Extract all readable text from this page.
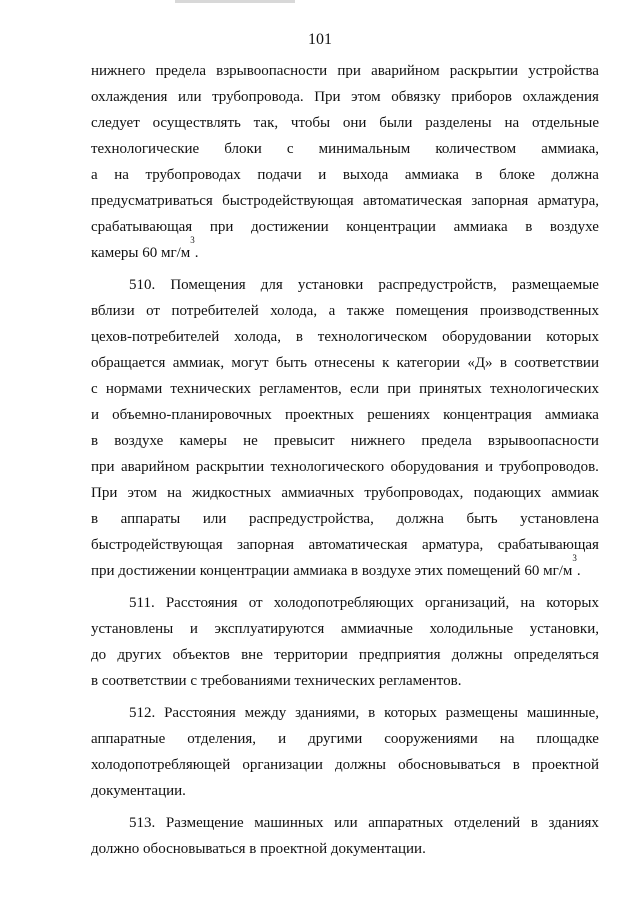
101
нижнего предела взрывоопасности при аварийном раскрытии устройства
охлаждения или трубопровода. При этом обвязку приборов охлаждения
следует осуществлять так, чтобы они были разделены на отдельные
технологические блоки с минимальным количеством аммиака,
а на трубопроводах подачи и выхода аммиака в блоке должна
предусматриваться быстродействующая автоматическая запорная арматура,
срабатывающая при достижении концентрации аммиака в воздухе
камеры 60 мг/м
3
.
510. Помещения для установки распредустройств, размещаемые
вблизи от потребителей холода, а также помещения производственных
цехов-потребителей холода, в технологическом оборудовании которых
обращается аммиак, могут быть отнесены к категории «Д» в соответствии
с нормами технических регламентов, если при принятых технологических
и объемно-планировочных проектных решениях концентрация аммиака
в воздухе камеры не превысит нижнего предела взрывоопасности
при аварийном раскрытии технологического оборудования и трубопроводов.
При этом на жидкостных аммиачных трубопроводах, подающих аммиак
в аппараты или распредустройства, должна быть установлена
быстродействующая запорная автоматическая арматура, срабатывающая
при достижении концентрации аммиака в воздухе этих помещений 60 мг/м
3
.
511. Расстояния от холодопотребляющих организаций, на которых
установлены и эксплуатируются аммиачные холодильные установки,
до других объектов вне территории предприятия должны определяться
в соответствии с требованиями технических регламентов.
512. Расстояния между зданиями, в которых размещены машинные,
аппаратные отделения, и другими сооружениями на площадке
холодопотребляющей организации должны обосновываться в проектной
документации.
513. Размещение машинных или аппаратных отделений в зданиях
должно обосновываться в проектной документации.
